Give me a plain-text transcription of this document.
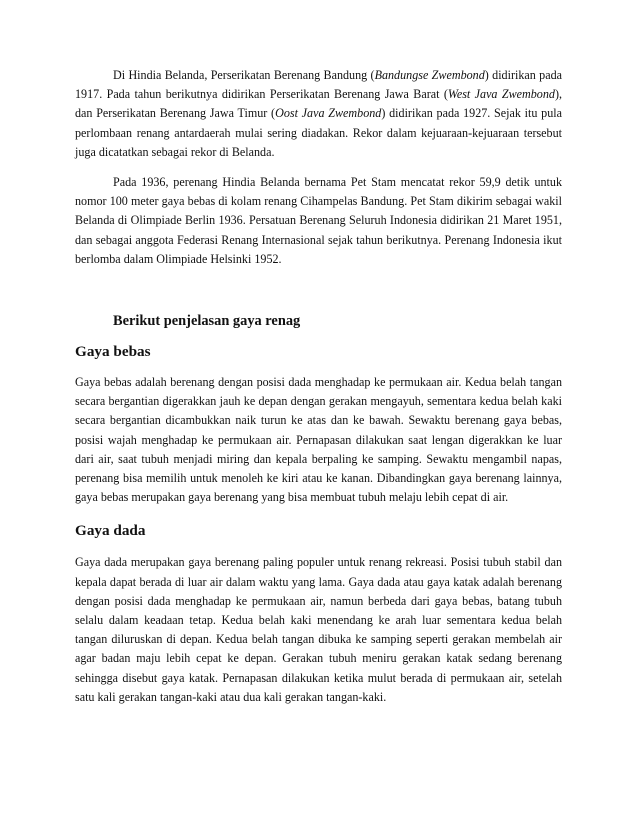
Di Hindia Belanda, Perserikatan Berenang Bandung (Bandungse Zwembond) didirikan pada 1917. Pada tahun berikutnya didirikan Perserikatan Berenang Jawa Barat (West Java Zwembond), dan Perserikatan Berenang Jawa Timur (Oost Java Zwembond) didirikan pada 1927. Sejak itu pula perlombaan renang antardaerah mulai sering diadakan. Rekor dalam kejuaraan-kejuaraan tersebut juga dicatatkan sebagai rekor di Belanda.

Pada 1936, perenang Hindia Belanda bernama Pet Stam mencatat rekor 59,9 detik untuk nomor 100 meter gaya bebas di kolam renang Cihampelas Bandung. Pet Stam dikirim sebagai wakil Belanda di Olimpiade Berlin 1936. Persatuan Berenang Seluruh Indonesia didirikan 21 Maret 1951, dan sebagai anggota Federasi Renang Internasional sejak tahun berikutnya. Perenang Indonesia ikut berlomba dalam Olimpiade Helsinki 1952.

Berikut penjelasan gaya renag
Gaya bebas

Gaya bebas adalah berenang dengan posisi dada menghadap ke permukaan air. Kedua belah tangan secara bergantian digerakkan jauh ke depan dengan gerakan mengayuh, sementara kedua belah kaki secara bergantian dicambukkan naik turun ke atas dan ke bawah. Sewaktu berenang gaya bebas, posisi wajah menghadap ke permukaan air. Pernapasan dilakukan saat lengan digerakkan ke luar dari air, saat tubuh menjadi miring dan kepala berpaling ke samping. Sewaktu mengambil napas, perenang bisa memilih untuk menoleh ke kiri atau ke kanan. Dibandingkan gaya berenang lainnya, gaya bebas merupakan gaya berenang yang bisa membuat tubuh melaju lebih cepat di air.

Gaya dada

Gaya dada merupakan gaya berenang paling populer untuk renang rekreasi. Posisi tubuh stabil dan kepala dapat berada di luar air dalam waktu yang lama. Gaya dada atau gaya katak adalah berenang dengan posisi dada menghadap ke permukaan air, namun berbeda dari gaya bebas, batang tubuh selalu dalam keadaan tetap. Kedua belah kaki menendang ke arah luar sementara kedua belah tangan diluruskan di depan. Kedua belah tangan dibuka ke samping seperti gerakan membelah air agar badan maju lebih cepat ke depan. Gerakan tubuh meniru gerakan katak sedang berenang sehingga disebut gaya katak. Pernapasan dilakukan ketika mulut berada di permukaan air, setelah satu kali gerakan tangan-kaki atau dua kali gerakan tangan-kaki.
